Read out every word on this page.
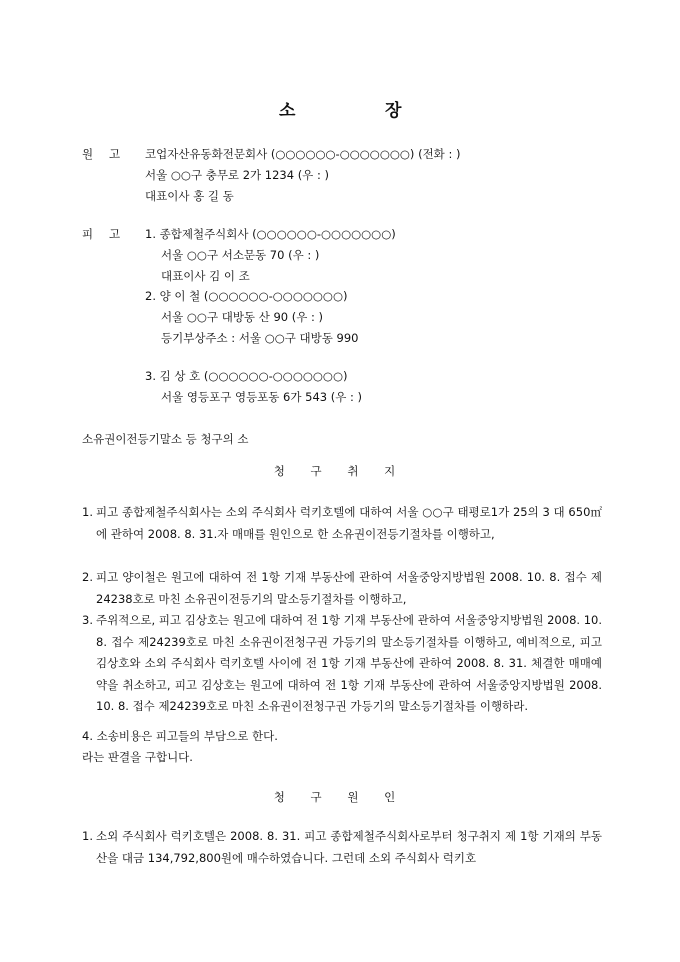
소	장
원 고 코업자산유동화전문회사 (○○○○○○-○○○○○○○) (전화 : )
서울 ○○구 충무로 2가 1234 (우 : )
대표이사 홍 길 동
피 고 1. 종합제철주식회사 (○○○○○○-○○○○○○○)
서울 ○○구 서소문동 70 (우 : )
대표이사 김 이 조
2. 양 이 철 (○○○○○○-○○○○○○○)
서울 ○○구 대방동 산 90 (우 : )
등기부상주소 : 서울 ○○구 대방동 990
3. 김 상 호 (○○○○○○-○○○○○○○)
서울 영등포구 영등포동 6가 543 (우 : )
소유권이전등기말소 등 청구의 소
청 구 취 지
1. 피고 종합제철주식회사는 소외 주식회사 럭키호텔에 대하여 서울 ○○구 태평로1가 25의 3 대 650㎡에 관하여 2008. 8. 31.자 매매를 원인으로 한 소유권이전등기절차를 이행하고,
2. 피고 양이철은 원고에 대하여 전 1항 기재 부동산에 관하여 서울중앙지방법원 2008. 10. 8. 접수 제24238호로 마친 소유권이전등기의 말소등기절차를 이행하고,
3. 주위적으로, 피고 김상호는 원고에 대하여 전 1항 기재 부동산에 관하여 서울중앙지방법원 2008. 10. 8. 접수 제24239호로 마친 소유권이전청구권 가등기의 말소등기절차를 이행하고, 예비적으로, 피고 김상호와 소외 주식회사 럭키호텔 사이에 전 1항 기재 부동산에 관하여 2008. 8. 31. 체결한 매매예약을 취소하고, 피고 김상호는 원고에 대하여 전 1항 기재 부동산에 관하여 서울중앙지방법원 2008. 10. 8. 접수 제24239호로 마친 소유권이전청구권 가등기의 말소등기절차를 이행하라.
4. 소송비용은 피고들의 부담으로 한다.
라는 판결을 구합니다.
청 구 원 인
1. 소외 주식회사 럭키호텔은 2008. 8. 31. 피고 종합제철주식회사로부터 청구취지 제 1항 기재의 부동산을 대금 134,792,800원에 매수하였습니다. 그런데 소외 주식회사 럭키호
